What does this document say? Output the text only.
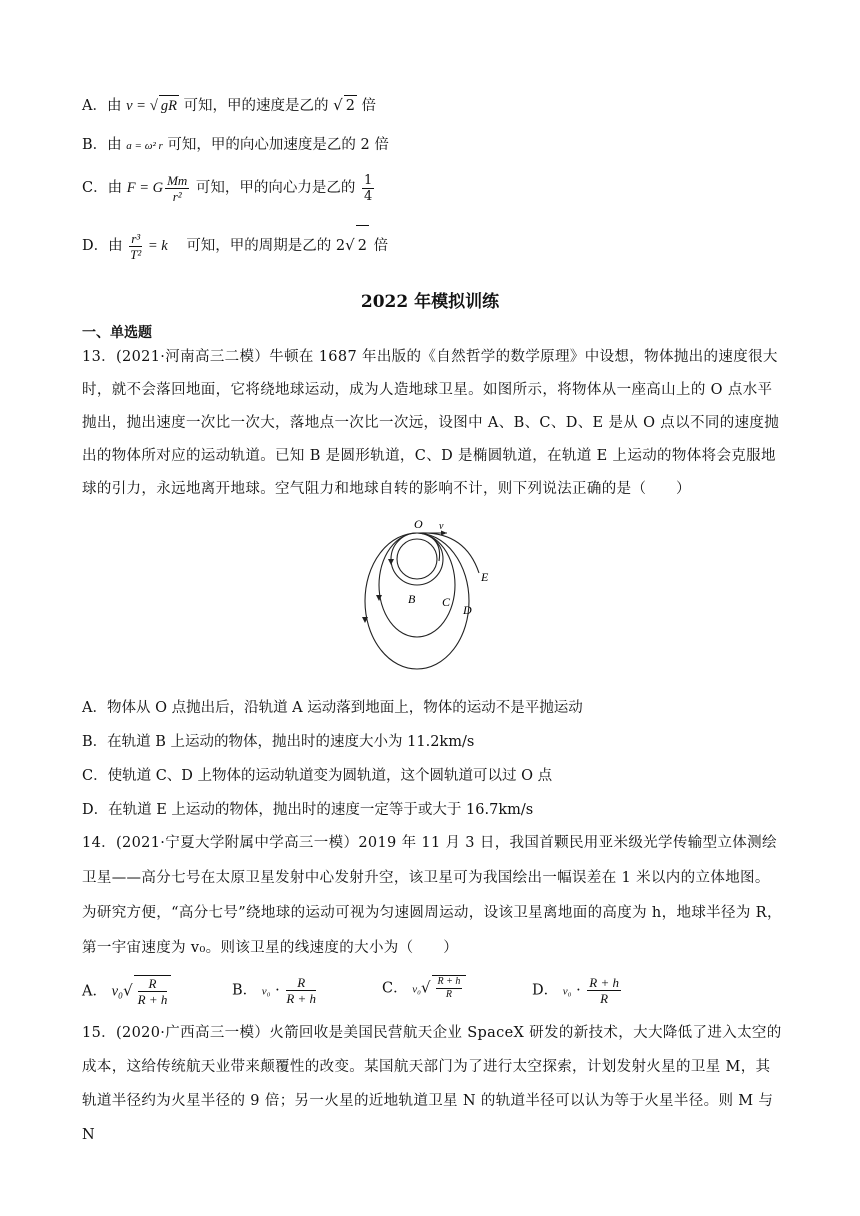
A．由 v = √ gR 可知，甲的速度是乙的 √ 2 倍
B．由 a = ω² r 可知，甲的向心加速度是乙的 2 倍
C．由 F = G $\frac{Mm}{\text{r²}}$ 可知，甲的向心力是乙的 $\frac{1}{4}$
D．由 $\frac{\text{r³}}{\text{T²}} = k$ 可知，甲的周期是乙的 2√ 2 倍
2022 年模拟训练
一、单选题
13．(2021·河南高三二模）牛顿在 1687 年出版的《自然哲学的数学原理》中设想，物体抛出的速度很大时，就不会落回地面，它将绕地球运动，成为人造地球卫星。如图所示，将物体从一座高山上的 O 点水平抛出，抛出速度一次比一次大，落地点一次比一次远，设图中 A、B、C、D、E 是从 O 点以不同的速度抛出的物体所对应的运动轨道。已知 B 是圆形轨道，C、D 是椭圆轨道，在轨道 E 上运动的物体将会克服地球的引力，永远地离开地球。空气阻力和地球自转的影响不计，则下列说法正确的是（　　）
O v
B C
D
E
A．物体从 O 点抛出后，沿轨道 A 运动落到地面上，物体的运动不是平抛运动
B．在轨道 B 上运动的物体，抛出时的速度大小为 11.2km/s
C．使轨道 C、D 上物体的运动轨道变为圆轨道，这个圆轨道可以过 O 点
D．在轨道 E 上运动的物体，抛出时的速度一定等于或大于 16.7km/s
14．(2021·宁夏大学附属中学高三一模）2019 年 11 月 3 日，我国首颗民用亚米级光学传输型立体测绘卫星——高分七号在太原卫星发射中心发射升空，该卫星可为我国绘出一幅误差在 1 米以内的立体地图。为研究方便，“高分七号”绕地球的运动可视为匀速圆周运动，设该卫星离地面的高度为 h，地球半径为 R，第一宇宙速度为 v₀。则该卫星的线速度的大小为（　　）
A． $v_0√ \frac{R}{R + h}$	B． $v_0 \cdot \frac{R}{R + h}$	C． $v_0√ \frac{R + h}{R}$	D． $v_0 \cdot \frac{R + h}{R}$
15．(2020·广西高三一模）火箭回收是美国民营航天企业 SpaceX 研发的新技术，大大降低了进入太空的成本，这给传统航天业带来颠覆性的改变。某国航天部门为了进行太空探索，计划发射火星的卫星 M，其轨道半径约为火星半径的 9 倍；另一火星的近地轨道卫星 N 的轨道半径可以认为等于火星半径。则 M 与 N
